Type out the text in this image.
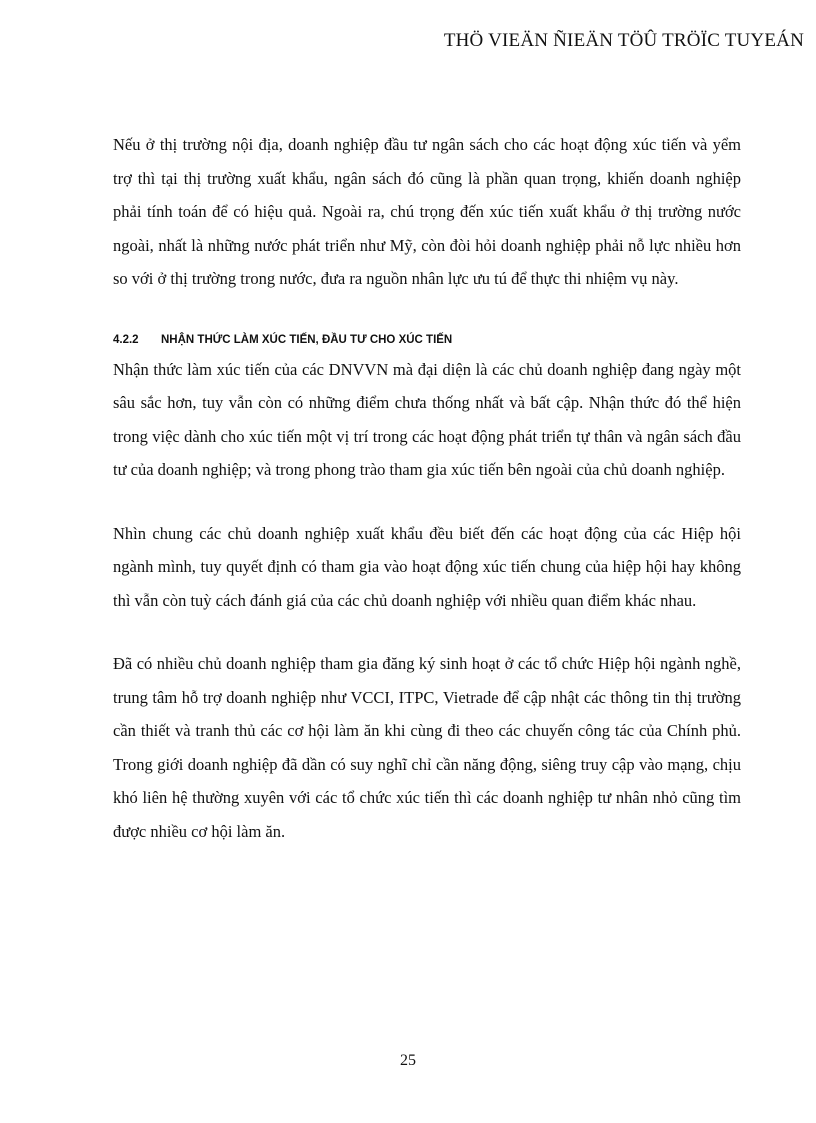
THÖ VIEÄN ÑIEÄN TÖÛ TRÖÏC TUYEÁN

Nếu ở thị trường nội địa, doanh nghiệp đầu tư ngân sách cho các hoạt động xúc tiến và yểm trợ thì tại thị trường xuất khẩu, ngân sách đó cũng là phần quan trọng, khiến doanh nghiệp phải tính toán để có hiệu quả. Ngoài ra, chú trọng đến xúc tiến xuất khẩu ở thị trường nước ngoài, nhất là những nước phát triển như Mỹ, còn đòi hỏi doanh nghiệp phải nỗ lực nhiều hơn so với ở thị trường trong nước, đưa ra nguồn nhân lực ưu tú để thực thi nhiệm vụ này.

4.2.2	NHẬN THỨC LÀM XÚC TIẾN, ĐẦU TƯ CHO XÚC TIẾN

Nhận thức làm xúc tiến của các DNVVN mà đại diện là các chủ doanh nghiệp đang ngày một sâu sắc hơn, tuy vẫn còn có những điểm chưa thống nhất và bất cập. Nhận thức đó thể hiện trong việc dành cho xúc tiến một vị trí trong các hoạt động phát triển tự thân và ngân sách đầu tư của doanh nghiệp; và trong phong trào tham gia xúc tiến bên ngoài của chủ doanh nghiệp.

Nhìn chung các chủ doanh nghiệp xuất khẩu đều biết đến các hoạt động của các Hiệp hội ngành mình, tuy quyết định có tham gia vào hoạt động xúc tiến chung của hiệp hội hay không thì vẫn còn tuỳ cách đánh giá của các chủ doanh nghiệp với nhiều quan điểm khác nhau.

Đã có nhiều chủ doanh nghiệp tham gia đăng ký sinh hoạt ở các tổ chức Hiệp hội ngành nghề, trung tâm hỗ trợ doanh nghiệp như VCCI, ITPC, Vietrade để cập nhật các thông tin thị trường cần thiết và tranh thủ các cơ hội làm ăn khi cùng đi theo các chuyến công tác của Chính phủ. Trong giới doanh nghiệp đã dần có suy nghĩ chỉ cần năng động, siêng truy cập vào mạng, chịu khó liên hệ thường xuyên với các tổ chức xúc tiến thì các doanh nghiệp tư nhân nhỏ cũng tìm được nhiều cơ hội làm ăn.

25
